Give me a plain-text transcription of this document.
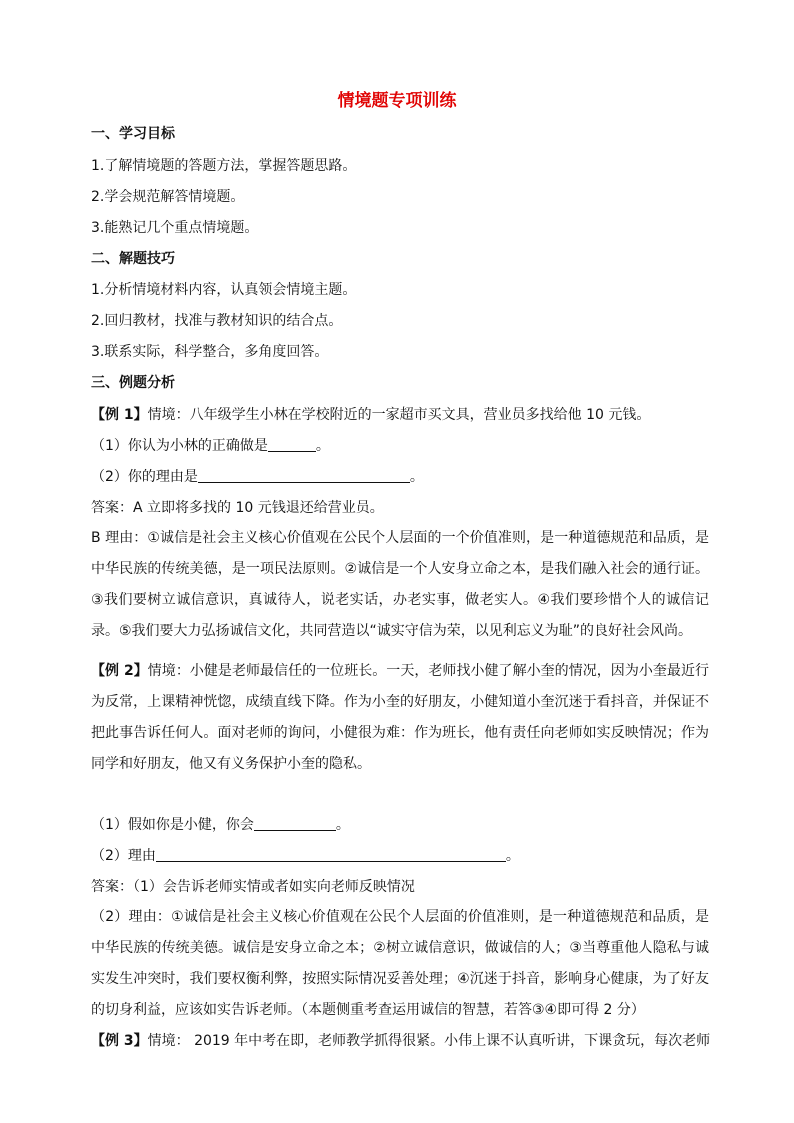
情境题专项训练
一、学习目标
1.了解情境题的答题方法，掌握答题思路。
2.学会规范解答情境题。
3.能熟记几个重点情境题。
二、解题技巧
1.分析情境材料内容，认真领会情境主题。
2.回归教材，找准与教材知识的结合点。
3.联系实际，科学整合，多角度回答。
三、例题分析
【例 1】情境：八年级学生小林在学校附近的一家超市买文具，营业员多找给他 10 元钱。
（1）你认为小林的正确做是	。
（2）你的理由是	。
答案：A 立即将多找的 10 元钱退还给营业员。
B 理由：①诚信是社会主义核心价值观在公民个人层面的一个价值准则，是一种道德规范和品质，是中华民族的传统美德，是一项民法原则。②诚信是一个人安身立命之本，是我们融入社会的通行证。③我们要树立诚信意识，真诚待人，说老实话，办老实事，做老实人。④我们要珍惜个人的诚信记录。⑤我们要大力弘扬诚信文化，共同营造以“诚实守信为荣，以见利忘义为耻”的良好社会风尚。
【例 2】情境：小健是老师最信任的一位班长。一天，老师找小健了解小奎的情况，因为小奎最近行为反常，上课精神恍惚，成绩直线下降。作为小奎的好朋友，小健知道小奎沉迷于看抖音，并保证不把此事告诉任何人。面对老师的询问，小健很为难：作为班长，他有责任向老师如实反映情况；作为同学和好朋友，他又有义务保护小奎的隐私。
（1）假如你是小健，你会	。
（2）理由	。
答案：（1）会告诉老师实情或者如实向老师反映情况
（2）理由：①诚信是社会主义核心价值观在公民个人层面的价值准则，是一种道德规范和品质，是中华民族的传统美德。诚信是安身立命之本；②树立诚信意识，做诚信的人；③当尊重他人隐私与诚实发生冲突时，我们要权衡利弊，按照实际情况妥善处理；④沉迷于抖音，影响身心健康，为了好友的切身利益，应该如实告诉老师。（本题侧重考查运用诚信的智慧，若答③④即可得 2 分）
【例 3】情境： 2019 年中考在即，老师教学抓得很紧。小伟上课不认真听讲，下课贪玩，每次老师
